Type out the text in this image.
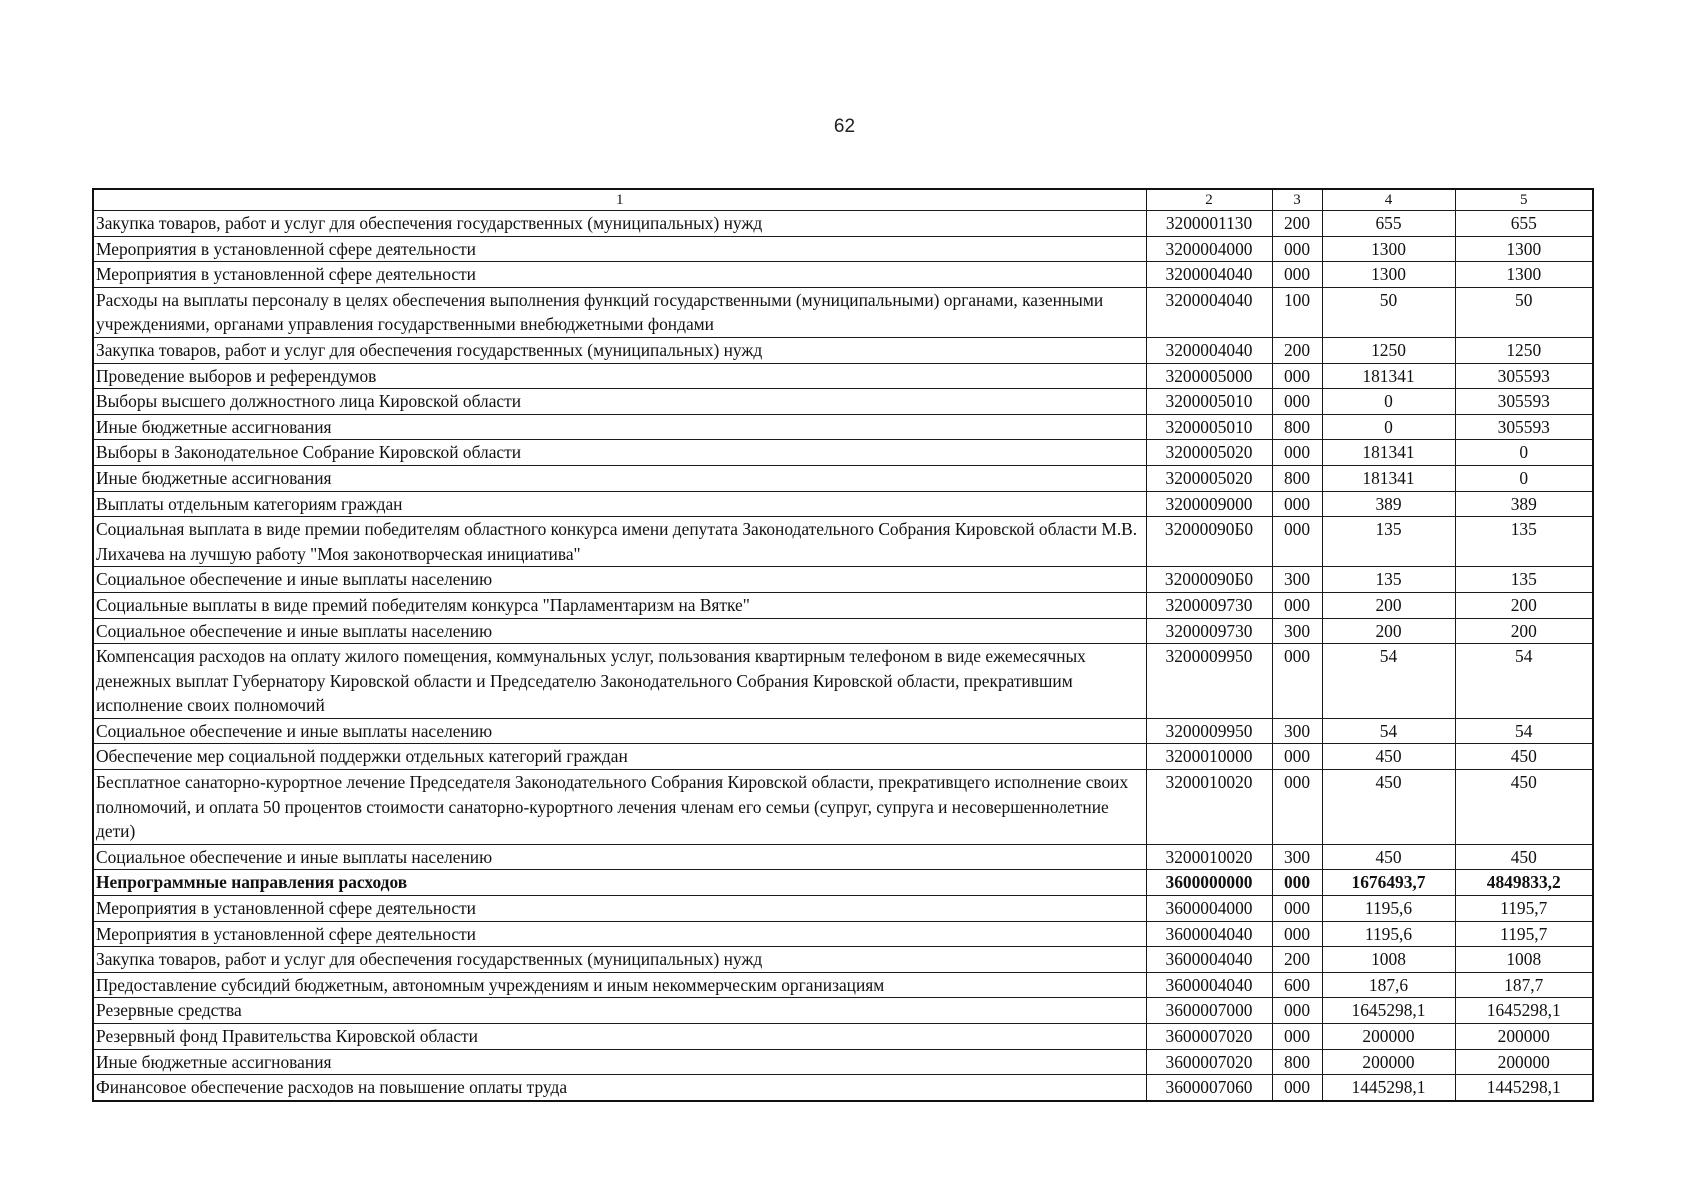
62
1	2	3	4	5
Закупка товаров, работ и услуг для обеспечения государственных (муниципальных) нужд	3200001130	200	655	655
Мероприятия в установленной сфере деятельности	3200004000	000	1300	1300
Мероприятия в установленной сфере деятельности	3200004040	000	1300	1300
Расходы на выплаты персоналу в целях обеспечения выполнения функций государственными (муниципальными) органами, казенными учреждениями, органами управления государственными внебюджетными фондами	3200004040	100	50	50
Закупка товаров, работ и услуг для обеспечения государственных (муниципальных) нужд	3200004040	200	1250	1250
Проведение выборов и референдумов	3200005000	000	181341	305593
Выборы высшего должностного лица Кировской области	3200005010	000	0	305593
Иные бюджетные ассигнования	3200005010	800	0	305593
Выборы в Законодательное Собрание Кировской области	3200005020	000	181341	0
Иные бюджетные ассигнования	3200005020	800	181341	0
Выплаты отдельным категориям граждан	3200009000	000	389	389
Социальная выплата в виде премии победителям областного конкурса имени депутата Законодательного Собрания Кировской области М.В. Лихачева на лучшую работу "Моя законотворческая инициатива"	32000090Б0	000	135	135
Социальное обеспечение и иные выплаты населению	32000090Б0	300	135	135
Социальные выплаты в виде премий победителям конкурса "Парламентаризм на Вятке"	3200009730	000	200	200
Социальное обеспечение и иные выплаты населению	3200009730	300	200	200
Компенсация расходов на оплату жилого помещения, коммунальных услуг, пользования квартирным телефоном в виде ежемесячных денежных выплат Губернатору Кировской области и Председателю Законодательного Собрания Кировской области, прекратившим исполнение своих полномочий	3200009950	000	54	54
Социальное обеспечение и иные выплаты населению	3200009950	300	54	54
Обеспечение мер социальной поддержки отдельных категорий граждан	3200010000	000	450	450
Бесплатное санаторно-курортное лечение Председателя Законодательного Собрания Кировской области, прекративщего исполнение своих полномочий, и оплата 50 процентов стоимости санаторно-курортного лечения членам его семьи (супруг, супруга и несовершеннолетние дети)	3200010020	000	450	450
Социальное обеспечение и иные выплаты населению	3200010020	300	450	450
Непрограммные направления расходов	3600000000	000	1676493,7	4849833,2
Мероприятия в установленной сфере деятельности	3600004000	000	1195,6	1195,7
Мероприятия в установленной сфере деятельности	3600004040	000	1195,6	1195,7
Закупка товаров, работ и услуг для обеспечения государственных (муниципальных) нужд	3600004040	200	1008	1008
Предоставление субсидий бюджетным, автономным учреждениям и иным некоммерческим организациям	3600004040	600	187,6	187,7
Резервные средства	3600007000	000	1645298,1	1645298,1
Резервный фонд Правительства Кировской области	3600007020	000	200000	200000
Иные бюджетные ассигнования	3600007020	800	200000	200000
Финансовое обеспечение расходов на повышение оплаты труда	3600007060	000	1445298,1	1445298,1
